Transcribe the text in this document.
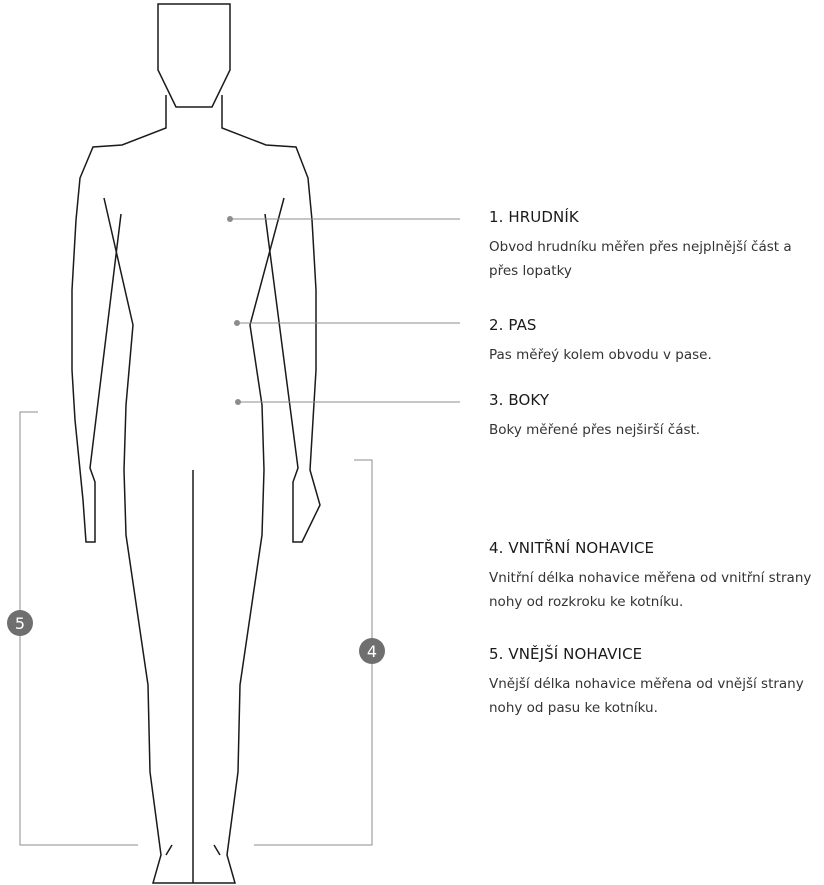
5
4
1. HRUDNÍK

Obvod hrudníku měřen přes nejplnější část a přes lopatky

2. PAS

Pas měřeý kolem obvodu v pase.

3. BOKY

Boky měřené přes nejširší část.

4. VNITŘNÍ NOHAVICE

Vnitřní délka nohavice měřena od vnitřní strany nohy od rozkroku ke kotníku.

5. VNĚJŠÍ NOHAVICE

Vnější délka nohavice měřena od vnější strany nohy od pasu ke kotníku.
